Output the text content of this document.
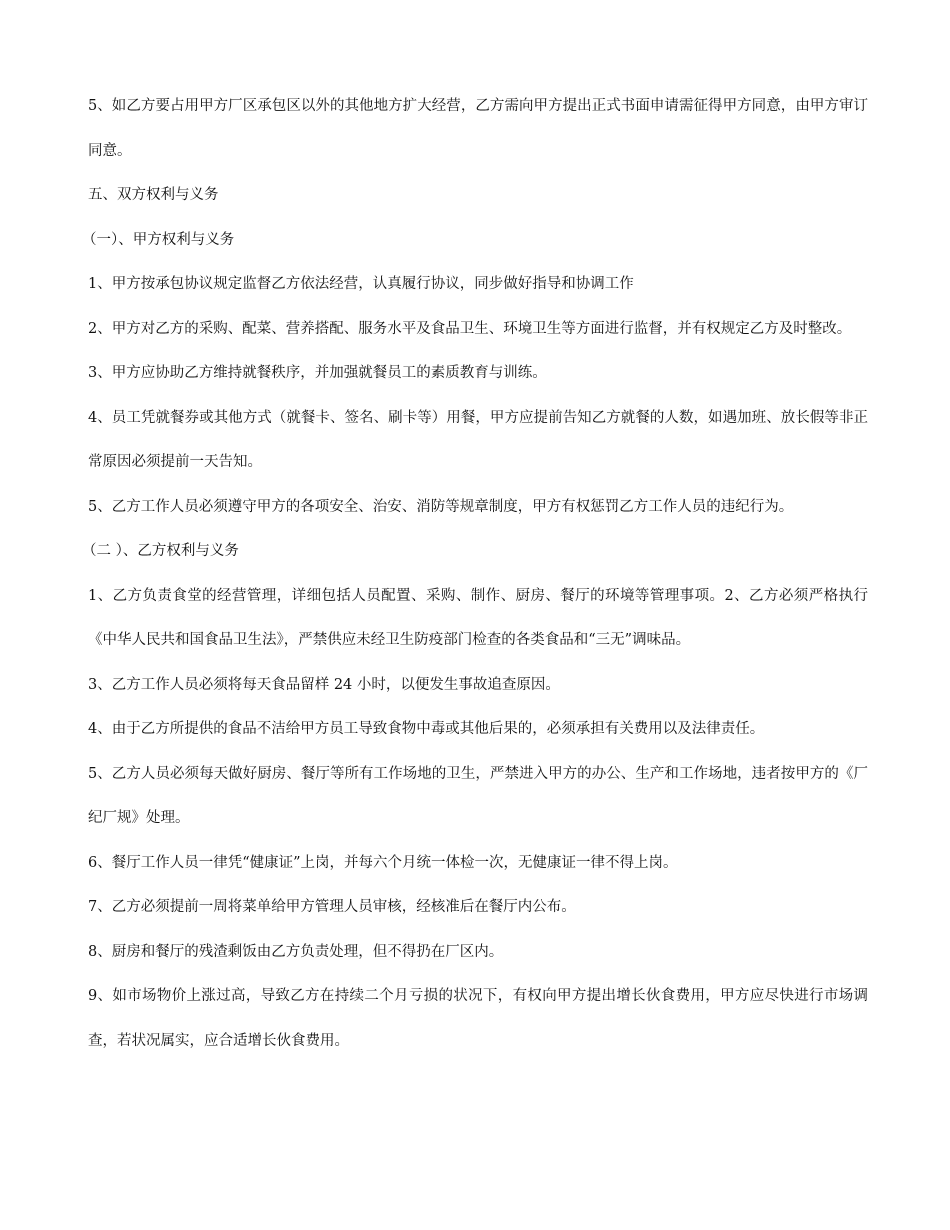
5、如乙方要占用甲方厂区承包区以外的其他地方扩大经营，乙方需向甲方提出正式书面申请需征得甲方同意，由甲方审订同意。

五、双方权利与义务

（一）、甲方权利与义务

1、甲方按承包协议规定监督乙方依法经营，认真履行协议，同步做好指导和协调工作

2、甲方对乙方的采购、配菜、营养搭配、服务水平及食品卫生、环境卫生等方面进行监督，并有权规定乙方及时整改。

3、甲方应协助乙方维持就餐秩序，并加强就餐员工的素质教育与训练。

4、员工凭就餐券或其他方式（就餐卡、签名、刷卡等）用餐，甲方应提前告知乙方就餐的人数，如遇加班、放长假等非正常原因必须提前一天告知。

5、乙方工作人员必须遵守甲方的各项安全、治安、消防等规章制度，甲方有权惩罚乙方工作人员的违纪行为。

（二 ）、乙方权利与义务

1、乙方负责食堂的经营管理，详细包括人员配置、采购、制作、厨房、餐厅的环境等管理事项。2、乙方必须严格执行《中华人民共和国食品卫生法》，严禁供应未经卫生防疫部门检查的各类食品和“三无”调味品。

3、乙方工作人员必须将每天食品留样 24 小时，以便发生事故追查原因。

4、由于乙方所提供的食品不洁给甲方员工导致食物中毒或其他后果的，必须承担有关费用以及法律责任。

5、乙方人员必须每天做好厨房、餐厅等所有工作场地的卫生，严禁进入甲方的办公、生产和工作场地，违者按甲方的《厂纪厂规》处理。

6、餐厅工作人员一律凭“健康证”上岗，并每六个月统一体检一次，无健康证一律不得上岗。

7、乙方必须提前一周将菜单给甲方管理人员审核，经核准后在餐厅内公布。

8、厨房和餐厅的残渣剩饭由乙方负责处理，但不得扔在厂区内。

9、如市场物价上涨过高，导致乙方在持续二个月亏损的状况下，有权向甲方提出增长伙食费用，甲方应尽快进行市场调查，若状况属实，应合适增长伙食费用。
